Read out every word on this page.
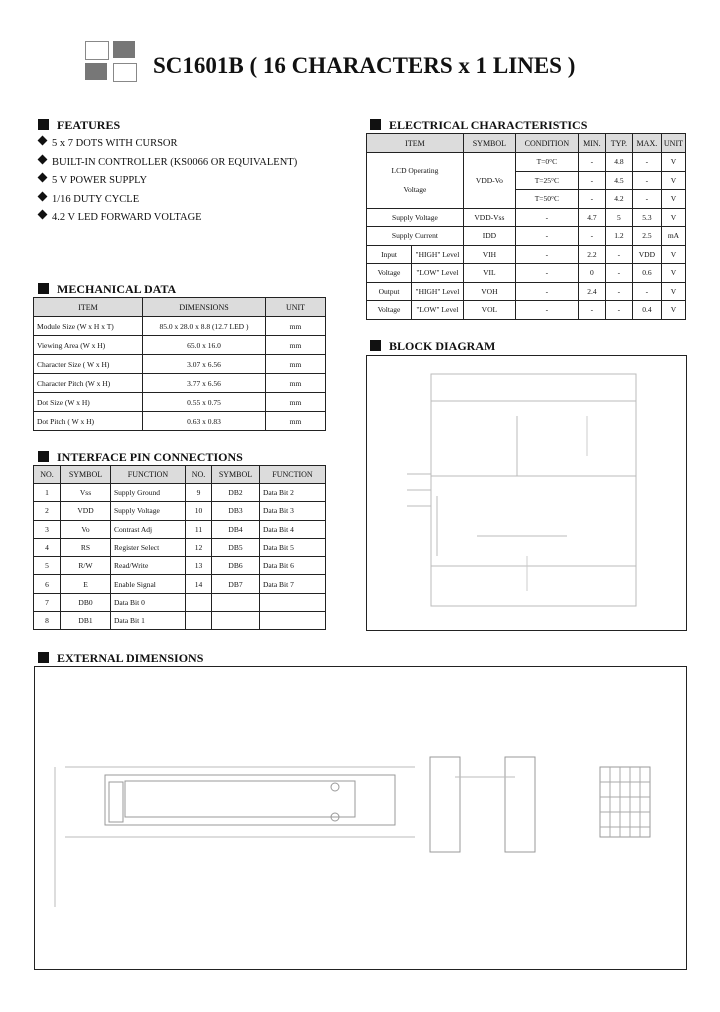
SC1601B ( 16 CHARACTERS x 1 LINES )
FEATURES
5 x 7 DOTS WITH CURSOR
BUILT-IN CONTROLLER (KS0066 OR EQUIVALENT)
5 V POWER SUPPLY
1/16 DUTY CYCLE
4.2 V LED FORWARD VOLTAGE
MECHANICAL DATA
ITEM	DIMENSIONS	UNIT
Module Size (W x H x T)	85.0 x 28.0 x 8.8 (12.7 LED )	mm
Viewing Area (W x H)	65.0 x 16.0	mm
Character Size ( W x H)	3.07 x 6.56	mm
Character Pitch (W x H)	3.77 x 6.56	mm
Dot Size (W x H)	0.55 x 0.75	mm
Dot Pitch ( W x H)	0.63 x 0.83	mm
INTERFACE PIN CONNECTIONS
NO.	SYMBOL	FUNCTION	NO.	SYMBOL	FUNCTION
1	Vss	Supply Ground	9	DB2	Data Bit 2
2	VDD	Supply Voltage	10	DB3	Data Bit 3
3	Vo	Contrast Adj	11	DB4	Data Bit 4
4	RS	Register Select	12	DB5	Data Bit 5
5	R/W	Read/Write	13	DB6	Data Bit 6
6	E	Enable Signal	14	DB7	Data Bit 7
7	DB0	Data Bit 0			
8	DB1	Data Bit 1			
ELECTRICAL CHARACTERISTICS
ITEM		SYMBOL	CONDITION	MIN.	TYP.	MAX.	UNIT

LCD Operating
Voltage		VDD-Vo	T=0°C	-	4.8	-	V
			T=25°C	-	4.5	-	V
			T=50°C	-	4.2	-	V
Supply Voltage		VDD-Vss	-	4.7	5	5.3	V
Supply Current		IDD	-	-	1.2	2.5	mA
Input	"HIGH" Level	VIH	-	2.2	-	VDD	V
Voltage	"LOW" Level	VIL	-	0	-	0.6	V
Output	"HIGH" Level	VOH	-	2.4	-	-	V
Voltage	"LOW" Level	VOL	-	-	-	0.4	V
BLOCK DIAGRAM
EXTERNAL DIMENSIONS
